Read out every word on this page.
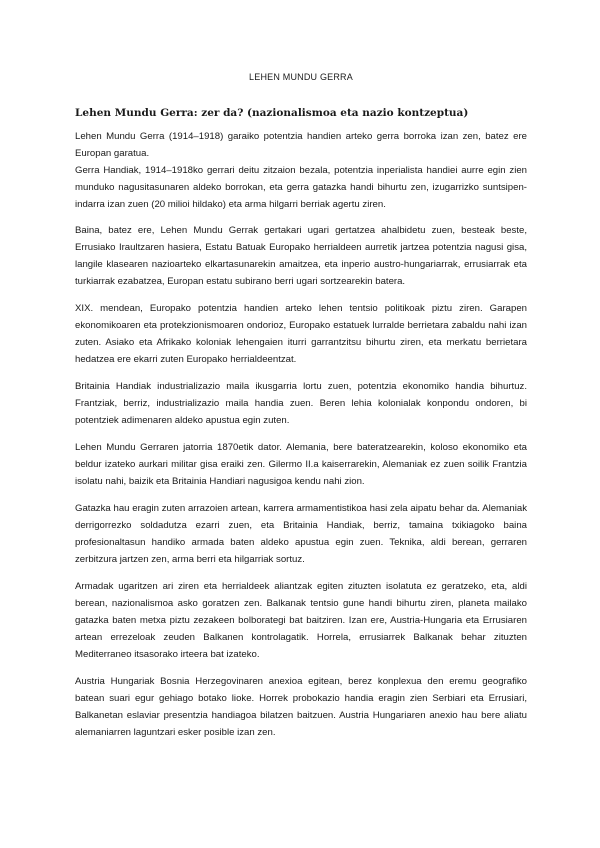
LEHEN MUNDU GERRA
Lehen Mundu Gerra: zer da? (nazionalismoa eta nazio kontzeptua)

Lehen Mundu Gerra (1914–1918) garaiko potentzia handien arteko gerra borroka izan zen, batez ere Europan garatua.

Gerra Handiak, 1914–1918ko gerrari deitu zitzaion bezala, potentzia inperialista handiei aurre egin zien munduko nagusitasunaren aldeko borrokan, eta gerra gatazka handi bihurtu zen, izugarrizko suntsipen-indarra izan zuen (20 milioi hildako) eta arma hilgarri berriak agertu ziren.

Baina, batez ere, Lehen Mundu Gerrak gertakari ugari gertatzea ahalbidetu zuen, besteak beste, Errusiako Iraultzaren hasiera, Estatu Batuak Europako herrialdeen aurretik jartzea potentzia nagusi gisa, langile klasearen nazioarteko elkartasunarekin amaitzea, eta inperio austro-hungariarrak, errusiarrak eta turkiarrak ezabatzea, Europan estatu subirano berri ugari sortzearekin batera.

XIX. mendean, Europako potentzia handien arteko lehen tentsio politikoak piztu ziren. Garapen ekonomikoaren eta protekzionismoaren ondorioz, Europako estatuek lurralde berrietara zabaldu nahi izan zuten. Asiako eta Afrikako koloniak lehengaien iturri garrantzitsu bihurtu ziren, eta merkatu berrietara hedatzea ere ekarri zuten Europako herrialdeentzat.

Britainia Handiak industrializazio maila ikusgarria lortu zuen, potentzia ekonomiko handia bihurtuz. Frantziak, berriz, industrializazio maila handia zuen. Beren lehia kolonialak konpondu ondoren, bi potentziek adimenaren aldeko apustua egin zuten.

Lehen Mundu Gerraren jatorria 1870etik dator. Alemania, bere bateratzearekin, koloso ekonomiko eta beldur izateko aurkari militar gisa eraiki zen. Gilermo II.a kaiserrarekin, Alemaniak ez zuen soilik Frantzia isolatu nahi, baizik eta Britainia Handiari nagusigoa kendu nahi zion.

Gatazka hau eragin zuten arrazoien artean, karrera armamentistikoa hasi zela aipatu behar da. Alemaniak derrigorrezko soldadutza ezarri zuen, eta Britainia Handiak, berriz, tamaina txikiagoko baina profesionaltasun handiko armada baten aldeko apustua egin zuen. Teknika, aldi berean, gerraren zerbitzura jartzen zen, arma berri eta hilgarriak sortuz.

Armadak ugaritzen ari ziren eta herrialdeek aliantzak egiten zituzten isolatuta ez geratzeko, eta, aldi berean, nazionalismoa asko goratzen zen. Balkanak tentsio gune handi bihurtu ziren, planeta mailako gatazka baten metxa piztu zezakeen bolborategi bat baitziren. Izan ere, Austria-Hungaria eta Errusiaren artean errezeloak zeuden Balkanen kontrolagatik. Horrela, errusiarrek Balkanak behar zituzten Mediterraneo itsasorako irteera bat izateko.

Austria Hungariak Bosnia Herzegovinaren anexioa egitean, berez konplexua den eremu geografiko batean suari egur gehiago botako lioke. Horrek probokazio handia eragin zien Serbiari eta Errusiari, Balkanetan eslaviar presentzia handiagoa bilatzen baitzuen. Austria Hungariaren anexio hau bere aliatu alemaniarren laguntzari esker posible izan zen.
